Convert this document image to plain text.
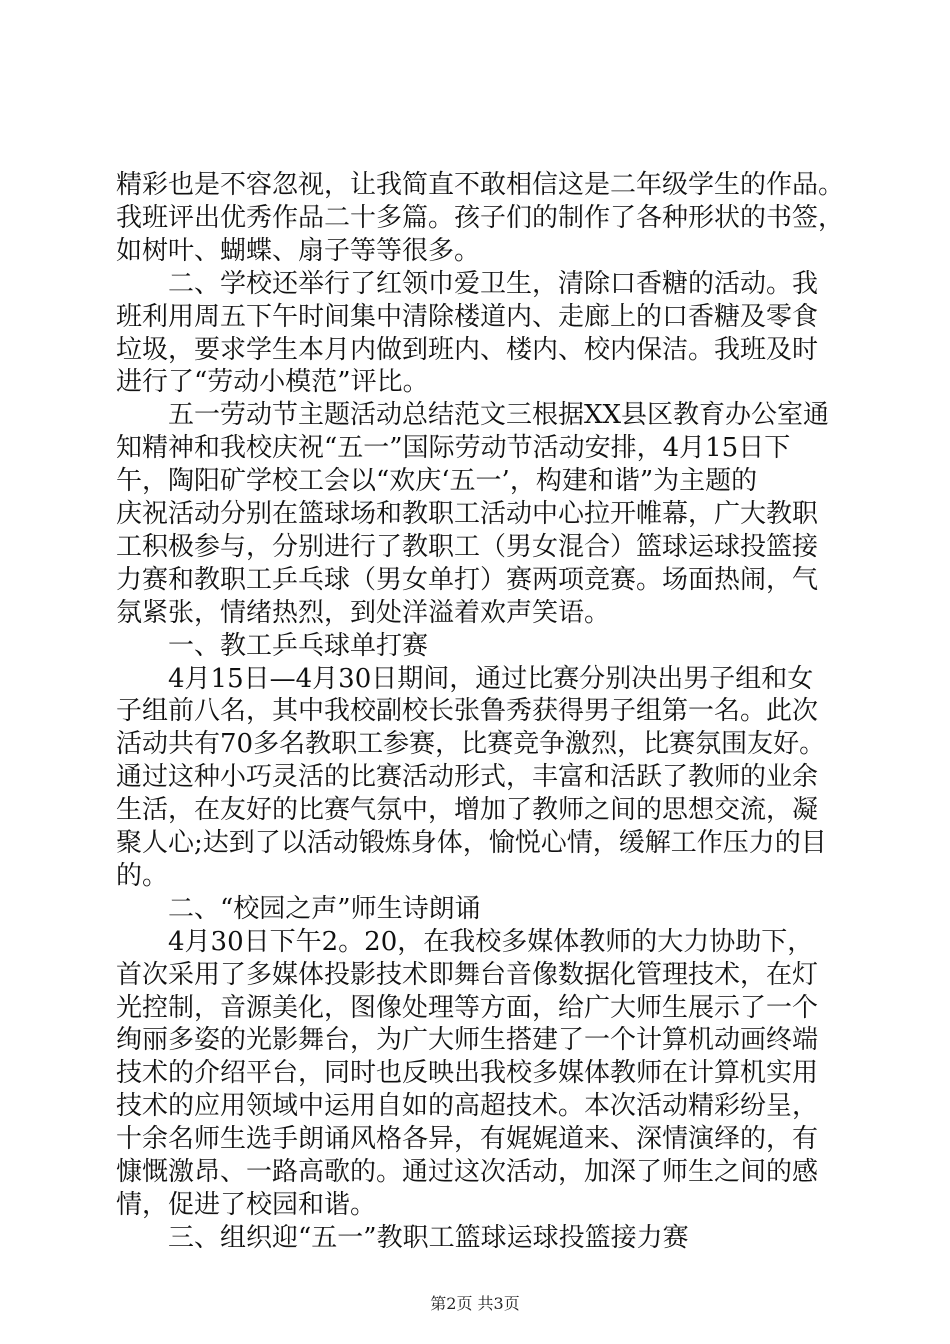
精彩也是不容忽视，让我简直不敢相信这是二年级学生的作品。
我班评出优秀作品二十多篇。孩子们的制作了各种形状的书签，
如树叶、蝴蝶、扇子等等很多。
　　二、学校还举行了红领巾爱卫生，清除口香糖的活动。我
班利用周五下午时间集中清除楼道内、走廊上的口香糖及零食
垃圾，要求学生本月内做到班内、楼内、校内保洁。我班及时
进行了“劳动小模范”评比。
　　五一劳动节主题活动总结范文三根据XX县区教育办公室通
知精神和我校庆祝“五一”国际劳动节活动安排，4月15日下
午，陶阳矿学校工会以“欢庆‘五一’，构建和谐”为主题的
庆祝活动分别在篮球场和教职工活动中心拉开帷幕，广大教职
工积极参与，分别进行了教职工（男女混合）篮球运球投篮接
力赛和教职工乒乓球（男女单打）赛两项竞赛。场面热闹，气
氛紧张，情绪热烈，到处洋溢着欢声笑语。
　　一、教工乒乓球单打赛
　　4月15日—4月30日期间，通过比赛分别决出男子组和女
子组前八名，其中我校副校长张鲁秀获得男子组第一名。此次
活动共有70多名教职工参赛，比赛竞争激烈，比赛氛围友好。
通过这种小巧灵活的比赛活动形式，丰富和活跃了教师的业余
生活，在友好的比赛气氛中，增加了教师之间的思想交流，凝
聚人心;达到了以活动锻炼身体，愉悦心情，缓解工作压力的目
的。
　　二、“校园之声”师生诗朗诵
　　4月30日下午2。20，在我校多媒体教师的大力协助下，
首次采用了多媒体投影技术即舞台音像数据化管理技术，在灯
光控制，音源美化，图像处理等方面，给广大师生展示了一个
绚丽多姿的光影舞台，为广大师生搭建了一个计算机动画终端
技术的介绍平台，同时也反映出我校多媒体教师在计算机实用
技术的应用领域中运用自如的高超技术。本次活动精彩纷呈，
十余名师生选手朗诵风格各异，有娓娓道来、深情演绎的，有
慷慨激昂、一路高歌的。通过这次活动，加深了师生之间的感
情，促进了校园和谐。
　　三、组织迎“五一”教职工篮球运球投篮接力赛
第2页 共3页
